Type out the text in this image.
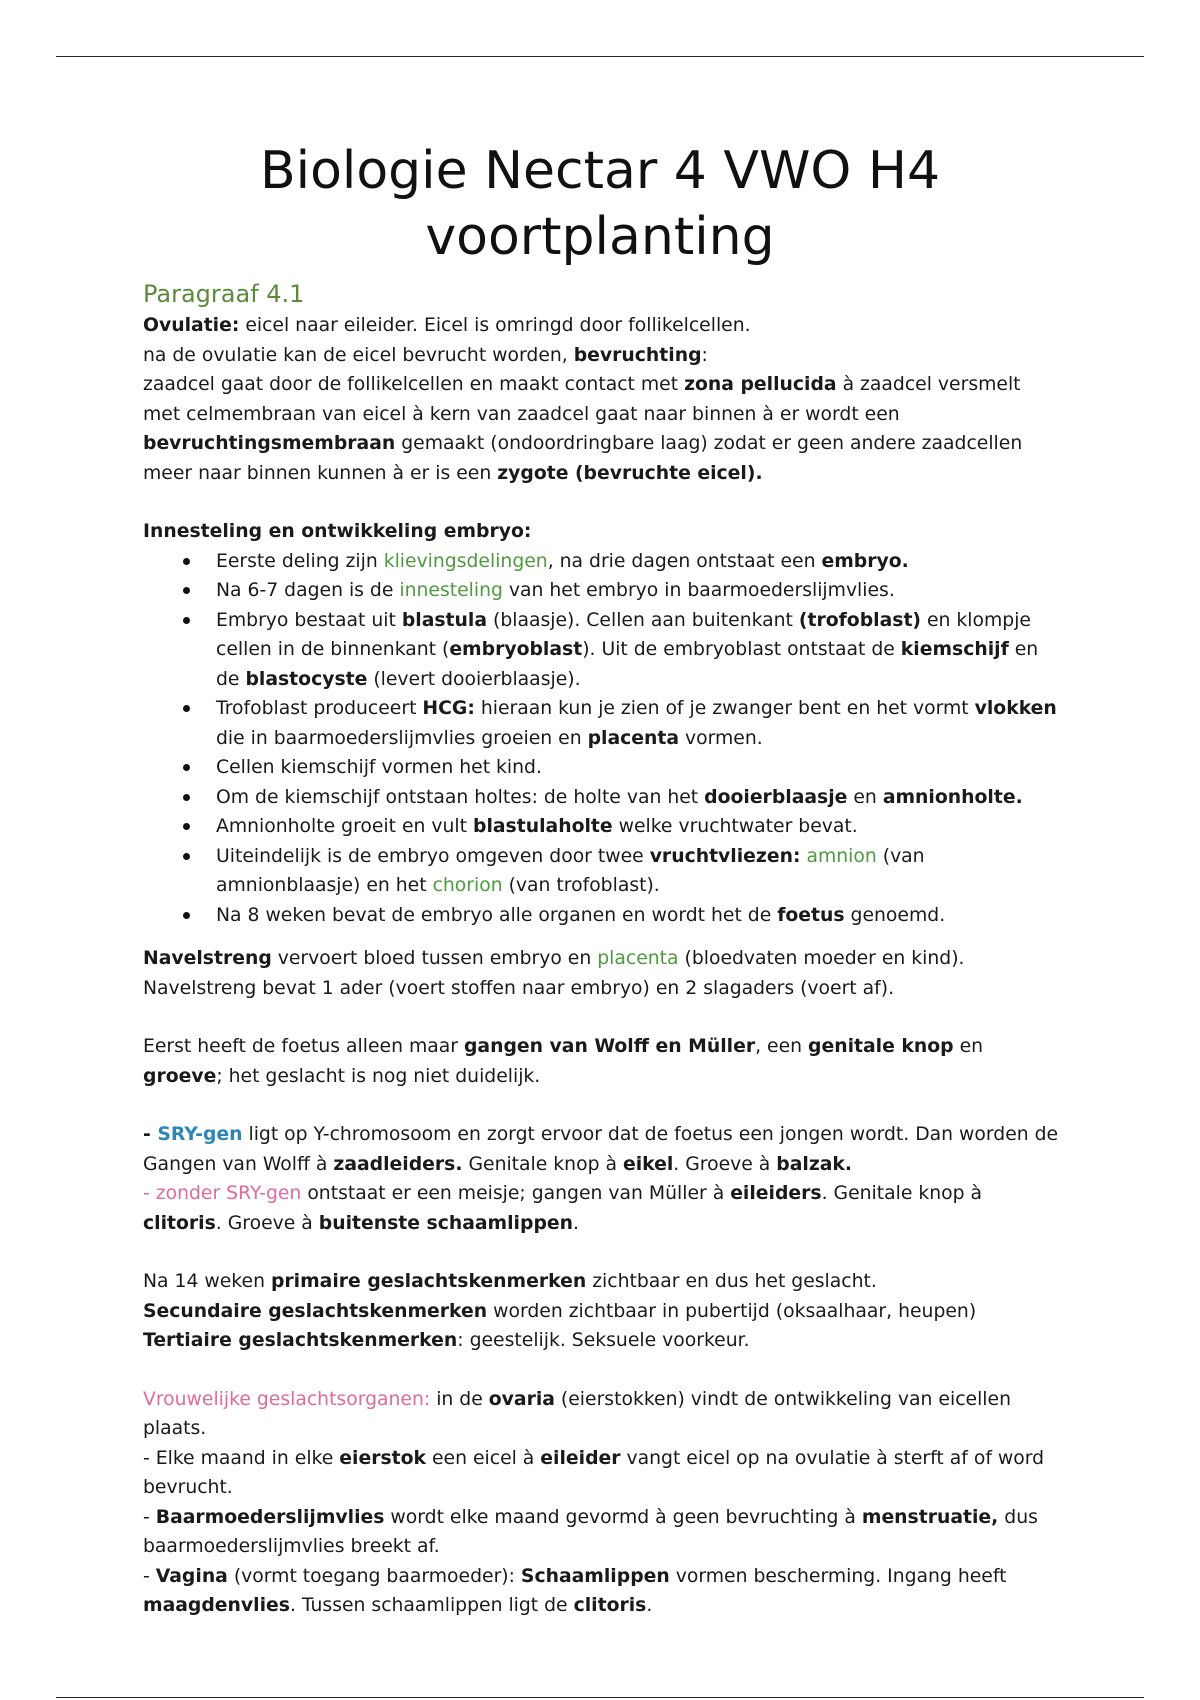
Biologie Nectar 4 VWO H4
voortplanting
Paragraaf 4.1

Ovulatie: eicel naar eileider. Eicel is omringd door follikelcellen.

na de ovulatie kan de eicel bevrucht worden, bevruchting:

zaadcel gaat door de follikelcellen en maakt contact met zona pellucida à zaadcel versmelt met celmembraan van eicel à kern van zaadcel gaat naar binnen à er wordt een bevruchtingsmembraan gemaakt (ondoordringbare laag) zodat er geen andere zaadcellen meer naar binnen kunnen à er is een zygote (bevruchte eicel).

Innesteling en ontwikkeling embryo:

Eerste deling zijn klievingsdelingen, na drie dagen ontstaat een embryo.
Na 6-7 dagen is de innesteling van het embryo in baarmoederslijmvlies.
Embryo bestaat uit blastula (blaasje). Cellen aan buitenkant (trofoblast) en klompje cellen in de binnenkant (embryoblast). Uit de embryoblast ontstaat de kiemschijf en de blastocyste (levert dooierblaasje).
Trofoblast produceert HCG: hieraan kun je zien of je zwanger bent en het vormt vlokken die in baarmoederslijmvlies groeien en placenta vormen.
Cellen kiemschijf vormen het kind.
Om de kiemschijf ontstaan holtes: de holte van het dooierblaasje en amnionholte.
Amnionholte groeit en vult blastulaholte welke vruchtwater bevat.
Uiteindelijk is de embryo omgeven door twee vruchtvliezen: amnion (van amnionblaasje) en het chorion (van trofoblast).
Na 8 weken bevat de embryo alle organen en wordt het de foetus genoemd.

Navelstreng vervoert bloed tussen embryo en placenta (bloedvaten moeder en kind).
Navelstreng bevat 1 ader (voert stoffen naar embryo) en 2 slagaders (voert af).

Eerst heeft de foetus alleen maar gangen van Wolff en Müller, een genitale knop en groeve; het geslacht is nog niet duidelijk.

- SRY-gen ligt op Y-chromosoom en zorgt ervoor dat de foetus een jongen wordt. Dan worden de Gangen van Wolff à zaadleiders. Genitale knop à eikel. Groeve à balzak.

- zonder SRY-gen ontstaat er een meisje; gangen van Müller à eileiders. Genitale knop à clitoris. Groeve à buitenste schaamlippen.

Na 14 weken primaire geslachtskenmerken zichtbaar en dus het geslacht.
Secundaire geslachtskenmerken worden zichtbaar in pubertijd (oksaalhaar, heupen)
Tertiaire geslachtskenmerken: geestelijk. Seksuele voorkeur.

Vrouwelijke geslachtsorganen: in de ovaria (eierstokken) vindt de ontwikkeling van eicellen plaats.

- Elke maand in elke eierstok een eicel à eileider vangt eicel op na ovulatie à sterft af of word bevrucht.

- Baarmoederslijmvlies wordt elke maand gevormd à geen bevruchting à menstruatie, dus baarmoederslijmvlies breekt af.

- Vagina (vormt toegang baarmoeder): Schaamlippen vormen bescherming. Ingang heeft maagdenvlies. Tussen schaamlippen ligt de clitoris.
